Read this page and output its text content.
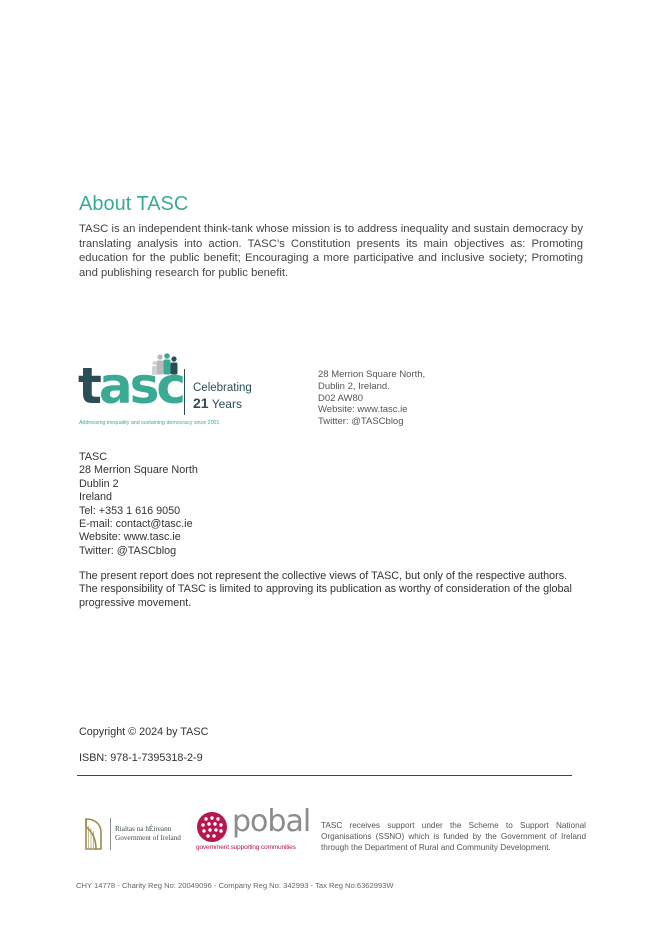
About TASC

TASC is an independent think-tank whose mission is to address inequality and sustain democracy by translating analysis into action. TASC’s Constitution presents its main objectives as: Promoting education for the public benefit; Encouraging a more participative and inclusive society; Promoting and publishing research for public benefit.

tasc Celebrating
21 Years
Addressing inequality and sustaining democracy since 2001
28 Merrion Square North,
Dublin 2, Ireland.
D02 AW80
Website: www.tasc.ie
Twitter: @TASCblog
TASC
28 Merrion Square North
Dublin 2
Ireland
Tel: +353 1 616 9050
E-mail: contact@tasc.ie
Website: www.tasc.ie
Twitter: @TASCblog

The present report does not represent the collective views of TASC, but only of the respective authors. The responsibility of TASC is limited to approving its publication as worthy of consideration of the global progressive movement.

Copyright © 2024 by TASC
ISBN: 978-1-7395318-2-9
Rialtas na hÉireann
Government of Ireland pobal
government supporting communities

TASC receives support under the Scheme to Support National Organisations (SSNO) which is funded by the Government of Ireland through the Department of Rural and Community Development.

CHY 14778 - Charity Reg No: 20049096 - Company Reg No: 342993 - Tax Reg No:6362993W
